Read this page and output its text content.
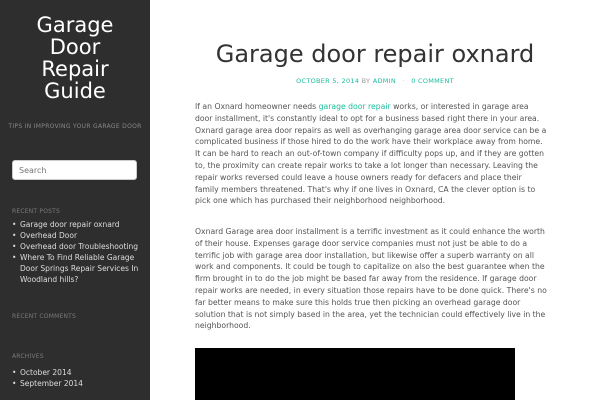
Garage
Door
Repair
Guide
TIPS IN IMPROVING YOUR GARAGE DOOR
Search
RECENT POSTS
• Garage door repair oxnard
• Overhead Door
• Overhead door Troubleshooting
• Where To Find Reliable Garage Door Springs Repair Services In Woodland hills?
RECENT COMMENTS
ARCHIVES
• October 2014
• September 2014
Garage door repair oxnard
OCTOBER 5, 2014 BY ADMIN · 0 COMMENT

If an Oxnard homeowner needs garage door repair works, or interested in garage area door installment, it's constantly ideal to opt for a business based right there in your area. Oxnard garage area door repairs as well as overhanging garage area door service can be a complicated business if those hired to do the work have their workplace away from home. It can be hard to reach an out-of-town company if difficulty pops up, and if they are gotten to, the proximity can create repair works to take a lot longer than necessary. Leaving the repair works reversed could leave a house owners ready for defacers and place their family members threatened. That's why if one lives in Oxnard, CA the clever option is to pick one which has purchased their neighborhood neighborhood.

Oxnard Garage area door installment is a terrific investment as it could enhance the worth of their house. Expenses garage door service companies must not just be able to do a terrific job with garage area door installation, but likewise offer a superb warranty on all work and components. It could be tough to capitalize on also the best guarantee when the firm brought in to do the job might be based far away from the residence. If garage door repair works are needed, in every situation those repairs have to be done quick. There's no far better means to make sure this holds true then picking an overhead garage door solution that is not simply based in the area, yet the technician could effectively live in the neighborhood.
